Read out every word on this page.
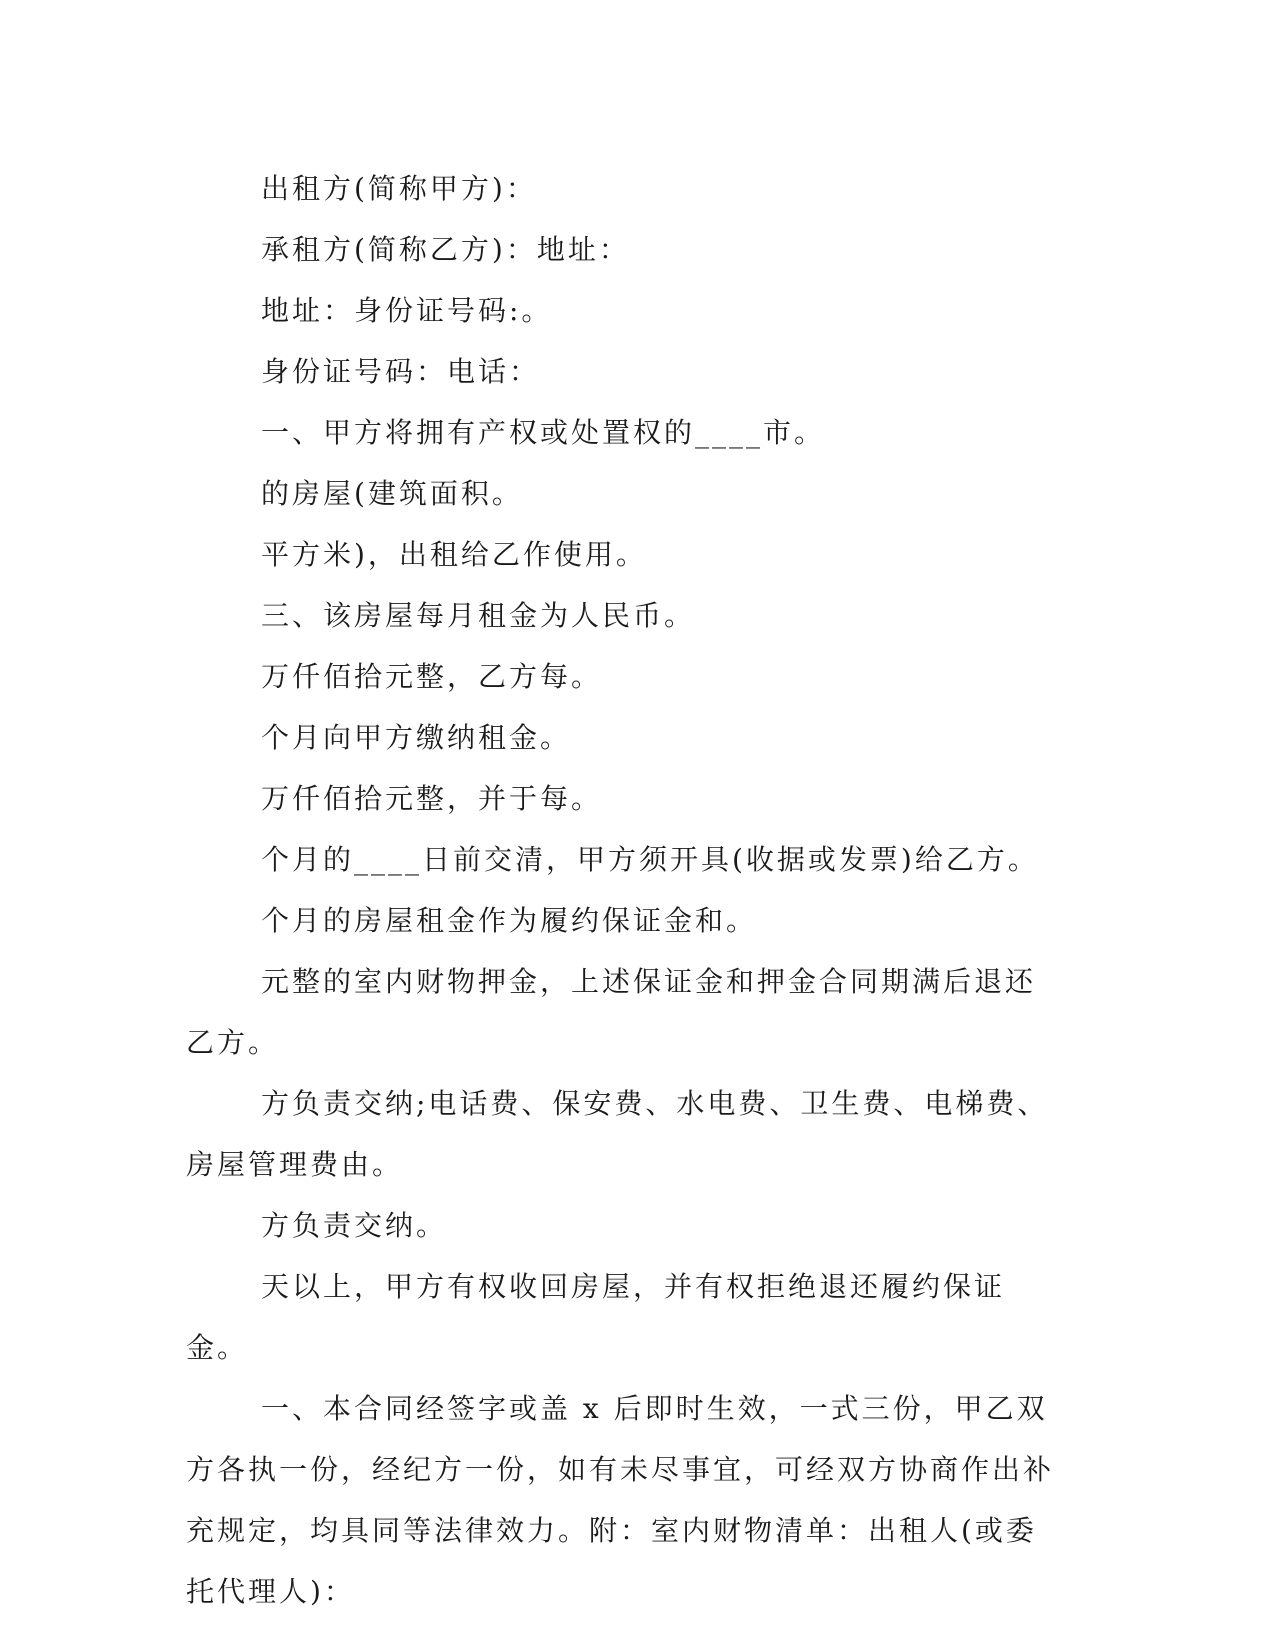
出租方(简称甲方)：

承租方(简称乙方)：地址：

地址：身份证号码:。

身份证号码：电话：

一、甲方将拥有产权或处置权的____市。

的房屋(建筑面积。

平方米)，出租给乙作使用。

三、该房屋每月租金为人民币。

万仟佰拾元整，乙方每。

个月向甲方缴纳租金。

万仟佰拾元整，并于每。

个月的____日前交清，甲方须开具(收据或发票)给乙方。

个月的房屋租金作为履约保证金和。

元整的室内财物押金，上述保证金和押金合同期满后退还乙方。

方负责交纳;电话费、保安费、水电费、卫生费、电梯费、房屋管理费由。

方负责交纳。

天以上，甲方有权收回房屋，并有权拒绝退还履约保证金。

一、本合同经签字或盖 x 后即时生效，一式三份，甲乙双方各执一份，经纪方一份，如有未尽事宜，可经双方协商作出补充规定，均具同等法律效力。附：室内财物清单：出租人(或委托代理人)：
